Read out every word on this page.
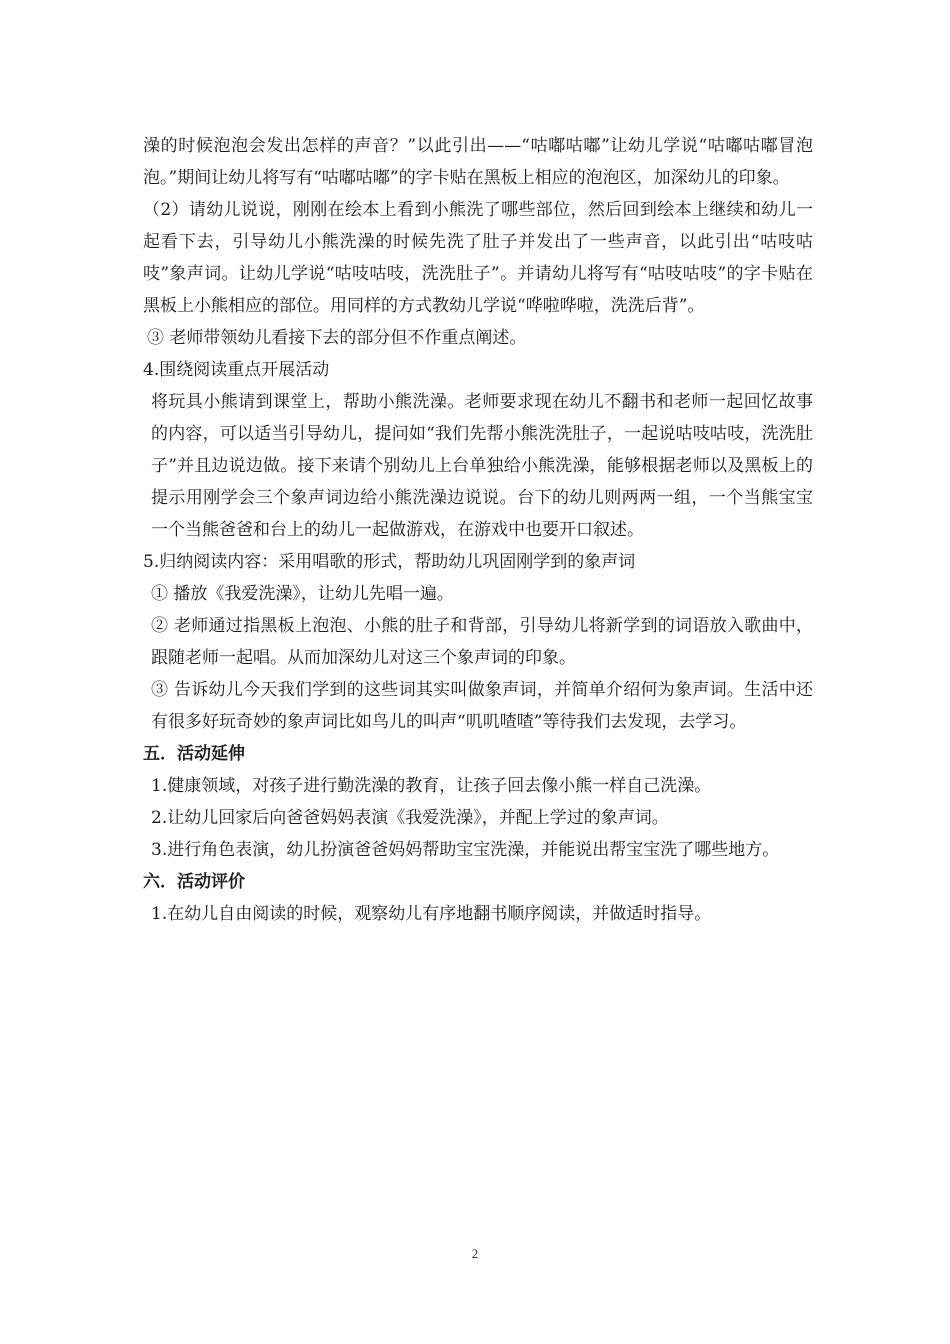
澡的时候泡泡会发出怎样的声音？”以此引出——“咕嘟咕嘟”让幼儿学说“咕嘟咕嘟冒泡泡。”期间让幼儿将写有“咕嘟咕嘟”的字卡贴在黑板上相应的泡泡区，加深幼儿的印象。

（2）请幼儿说说，刚刚在绘本上看到小熊洗了哪些部位，然后回到绘本上继续和幼儿一起看下去，引导幼儿小熊洗澡的时候先洗了肚子并发出了一些声音，以此引出“咕吱咕吱”象声词。让幼儿学说“咕吱咕吱，洗洗肚子”。并请幼儿将写有“咕吱咕吱”的字卡贴在黑板上小熊相应的部位。用同样的方式教幼儿学说“哗啦哗啦，洗洗后背”。

③ 老师带领幼儿看接下去的部分但不作重点阐述。

4.围绕阅读重点开展活动

将玩具小熊请到课堂上，帮助小熊洗澡。老师要求现在幼儿不翻书和老师一起回忆故事的内容，可以适当引导幼儿，提问如“我们先帮小熊洗洗肚子，一起说咕吱咕吱，洗洗肚子”并且边说边做。接下来请个别幼儿上台单独给小熊洗澡，能够根据老师以及黑板上的提示用刚学会三个象声词边给小熊洗澡边说说。台下的幼儿则两两一组，一个当熊宝宝一个当熊爸爸和台上的幼儿一起做游戏，在游戏中也要开口叙述。

5.归纳阅读内容：采用唱歌的形式，帮助幼儿巩固刚学到的象声词

① 播放《我爱洗澡》，让幼儿先唱一遍。

② 老师通过指黑板上泡泡、小熊的肚子和背部，引导幼儿将新学到的词语放入歌曲中，跟随老师一起唱。从而加深幼儿对这三个象声词的印象。

③ 告诉幼儿今天我们学到的这些词其实叫做象声词，并简单介绍何为象声词。生活中还有很多好玩奇妙的象声词比如鸟儿的叫声“叽叽喳喳”等待我们去发现，去学习。

五．活动延伸

1.健康领域，对孩子进行勤洗澡的教育，让孩子回去像小熊一样自己洗澡。

2.让幼儿回家后向爸爸妈妈表演《我爱洗澡》，并配上学过的象声词。

3.进行角色表演，幼儿扮演爸爸妈妈帮助宝宝洗澡，并能说出帮宝宝洗了哪些地方。

六．活动评价

1.在幼儿自由阅读的时候，观察幼儿有序地翻书顺序阅读，并做适时指导。

2
